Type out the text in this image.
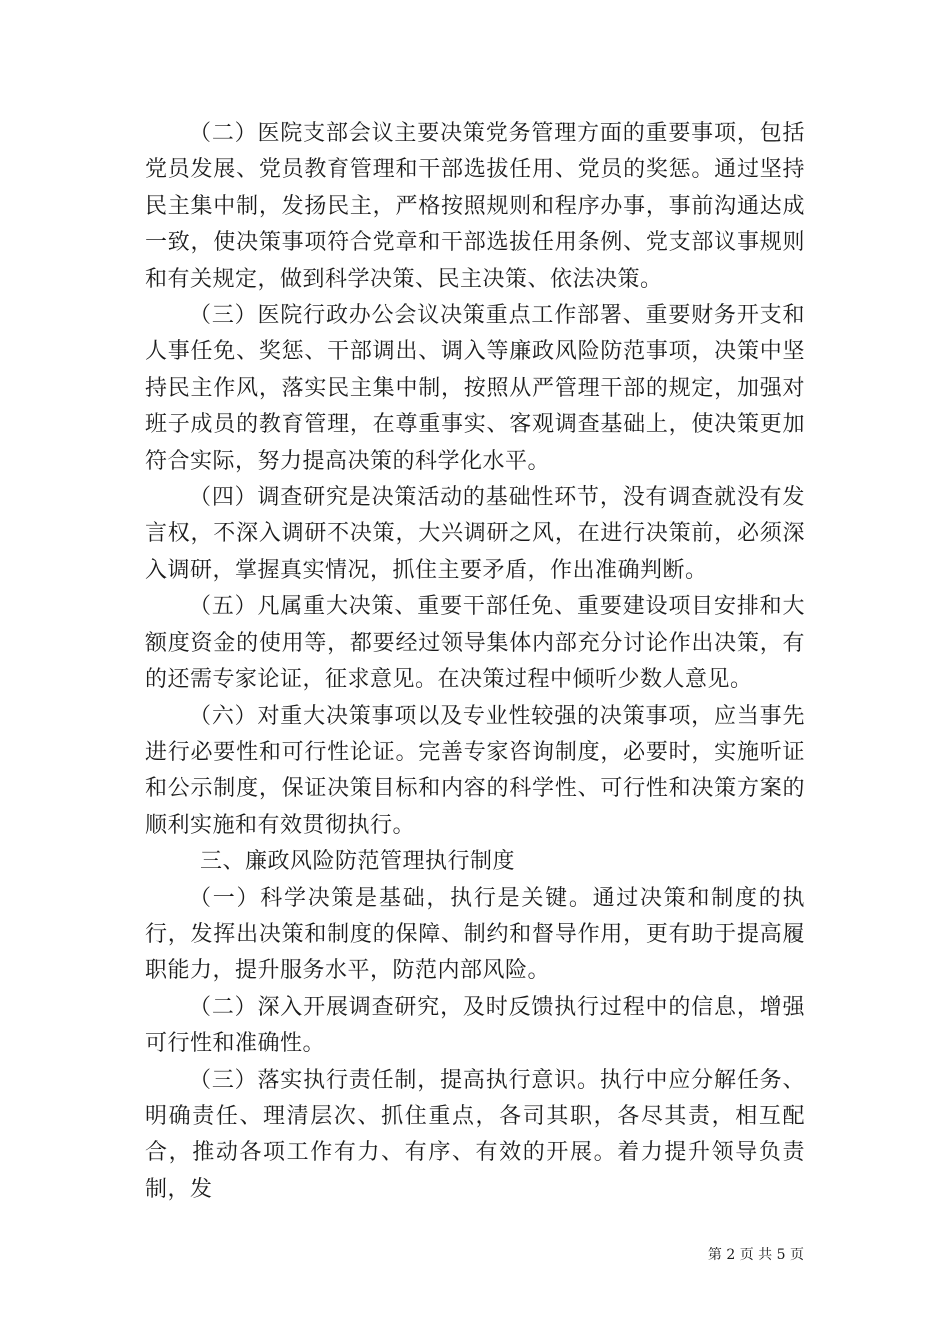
（二）医院支部会议主要决策党务管理方面的重要事项，包括党员发展、党员教育管理和干部选拔任用、党员的奖惩。通过坚持民主集中制，发扬民主，严格按照规则和程序办事，事前沟通达成一致，使决策事项符合党章和干部选拔任用条例、党支部议事规则和有关规定，做到科学决策、民主决策、依法决策。

（三）医院行政办公会议决策重点工作部署、重要财务开支和人事任免、奖惩、干部调出、调入等廉政风险防范事项，决策中坚持民主作风，落实民主集中制，按照从严管理干部的规定，加强对班子成员的教育管理，在尊重事实、客观调查基础上，使决策更加符合实际，努力提高决策的科学化水平。

（四）调查研究是决策活动的基础性环节，没有调查就没有发言权，不深入调研不决策，大兴调研之风，在进行决策前，必须深入调研，掌握真实情况，抓住主要矛盾，作出准确判断。

（五）凡属重大决策、重要干部任免、重要建设项目安排和大额度资金的使用等，都要经过领导集体内部充分讨论作出决策，有的还需专家论证，征求意见。在决策过程中倾听少数人意见。

（六）对重大决策事项以及专业性较强的决策事项，应当事先进行必要性和可行性论证。完善专家咨询制度，必要时，实施听证和公示制度，保证决策目标和内容的科学性、可行性和决策方案的顺利实施和有效贯彻执行。

三、廉政风险防范管理执行制度

（一）科学决策是基础，执行是关键。通过决策和制度的执行，发挥出决策和制度的保障、制约和督导作用，更有助于提高履职能力，提升服务水平，防范内部风险。

（二）深入开展调查研究，及时反馈执行过程中的信息，增强可行性和准确性。

（三）落实执行责任制，提高执行意识。执行中应分解任务、明确责任、理清层次、抓住重点，各司其职，各尽其责，相互配合，推动各项工作有力、有序、有效的开展。着力提升领导负责制，发

第 2 页 共 5 页
